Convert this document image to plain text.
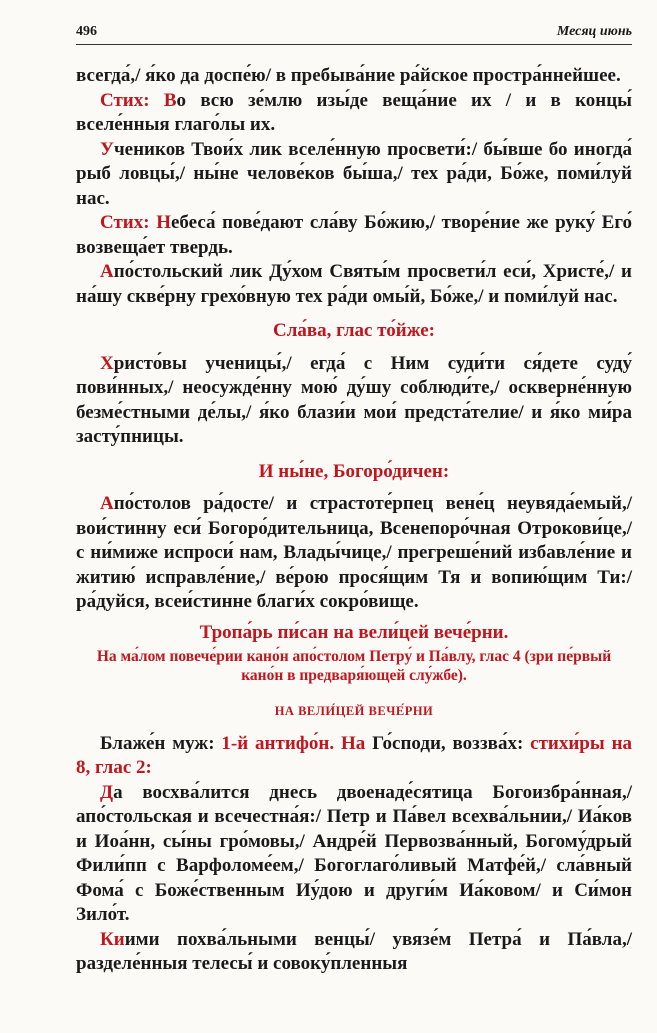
496	Месяц июнь

всегда́,/ я́ко да доспе́ю/ в пребыва́ние ра́йское простра́ннейшее.

Стих: Во всю зе́млю изы́де веща́ние их / и в концы́ вселе́нныя глаго́лы их.

Учеников Твои́х лик вселе́нную просвети́:/ бы́вше бо иногда́ рыб ловцы́,/ ны́не челове́ков бы́ша,/ тех ра́ди, Бо́же, поми́луй нас.

Стих: Небеса́ пове́дают сла́ву Бо́жию,/ творе́ние же руку́ Его́ возвеща́ет твердь.

Апо́стольский лик Ду́хом Святы́м просвети́л еси́, Христе́,/ и на́шу скве́рну грехо́вную тех ра́ди омы́й, Бо́же,/ и поми́луй нас.

Сла́ва, глас то́йже:

Христо́вы ученицы́,/ егда́ с Ним суди́ти ся́дете суду́ пови́нных,/ неосужде́нну мою́ ду́шу соблюди́те,/ оскверне́нную безме́стными де́лы,/ я́ко блази́и мои́ предста́телие/ и я́ко ми́ра засту́пницы.

И ны́не, Богоро́дичен:

Апо́столов ра́досте/ и страстоте́рпец вене́ц неувяда́емый,/ вои́стинну еси́ Богоро́дительница, Всенепоро́чная Отрокови́це,/ с ни́миже испроси́ нам, Влады́чице,/ прегреше́ний избавле́ние и житию́ исправле́ние,/ ве́рою прося́щим Тя и вопию́щим Ти:/ ра́дуйся, всеи́стинне благи́х сокро́вище.

Тропа́рь пи́сан на вели́цей вече́рни.

На ма́лом повече́рии кано́н апо́столом Петру́ и Па́влу, глас 4 (зри пе́рвый кано́н в предваря́ющей слу́жбе).

НА ВЕЛИ́ЦЕЙ ВЕЧЕ́РНИ

Блаже́н муж: 1-й антифо́н. На Го́споди, воззва́х: стихи́ры на 8, глас 2:

Да восхва́лится днесь двоенаде́сятица Богоизбра́нная,/ апо́стольская и всечестна́я:/ Петр и Па́вел всехва́льнии,/ Иа́ков и Иоа́нн, сы́ны гро́мовы,/ Андре́й Первозва́нный, Богому́дрый Фили́пп с Варфоломе́ем,/ Богоглаго́ливый Матфе́й,/ сла́вный Фома́ с Боже́ственным Иу́дою и други́м Иа́ковом/ и Си́мон Зило́т.

Киими похва́льными венцы́/ увязе́м Петра́ и Па́вла,/ разделе́нныя телесы́ и совоку́пленныя
